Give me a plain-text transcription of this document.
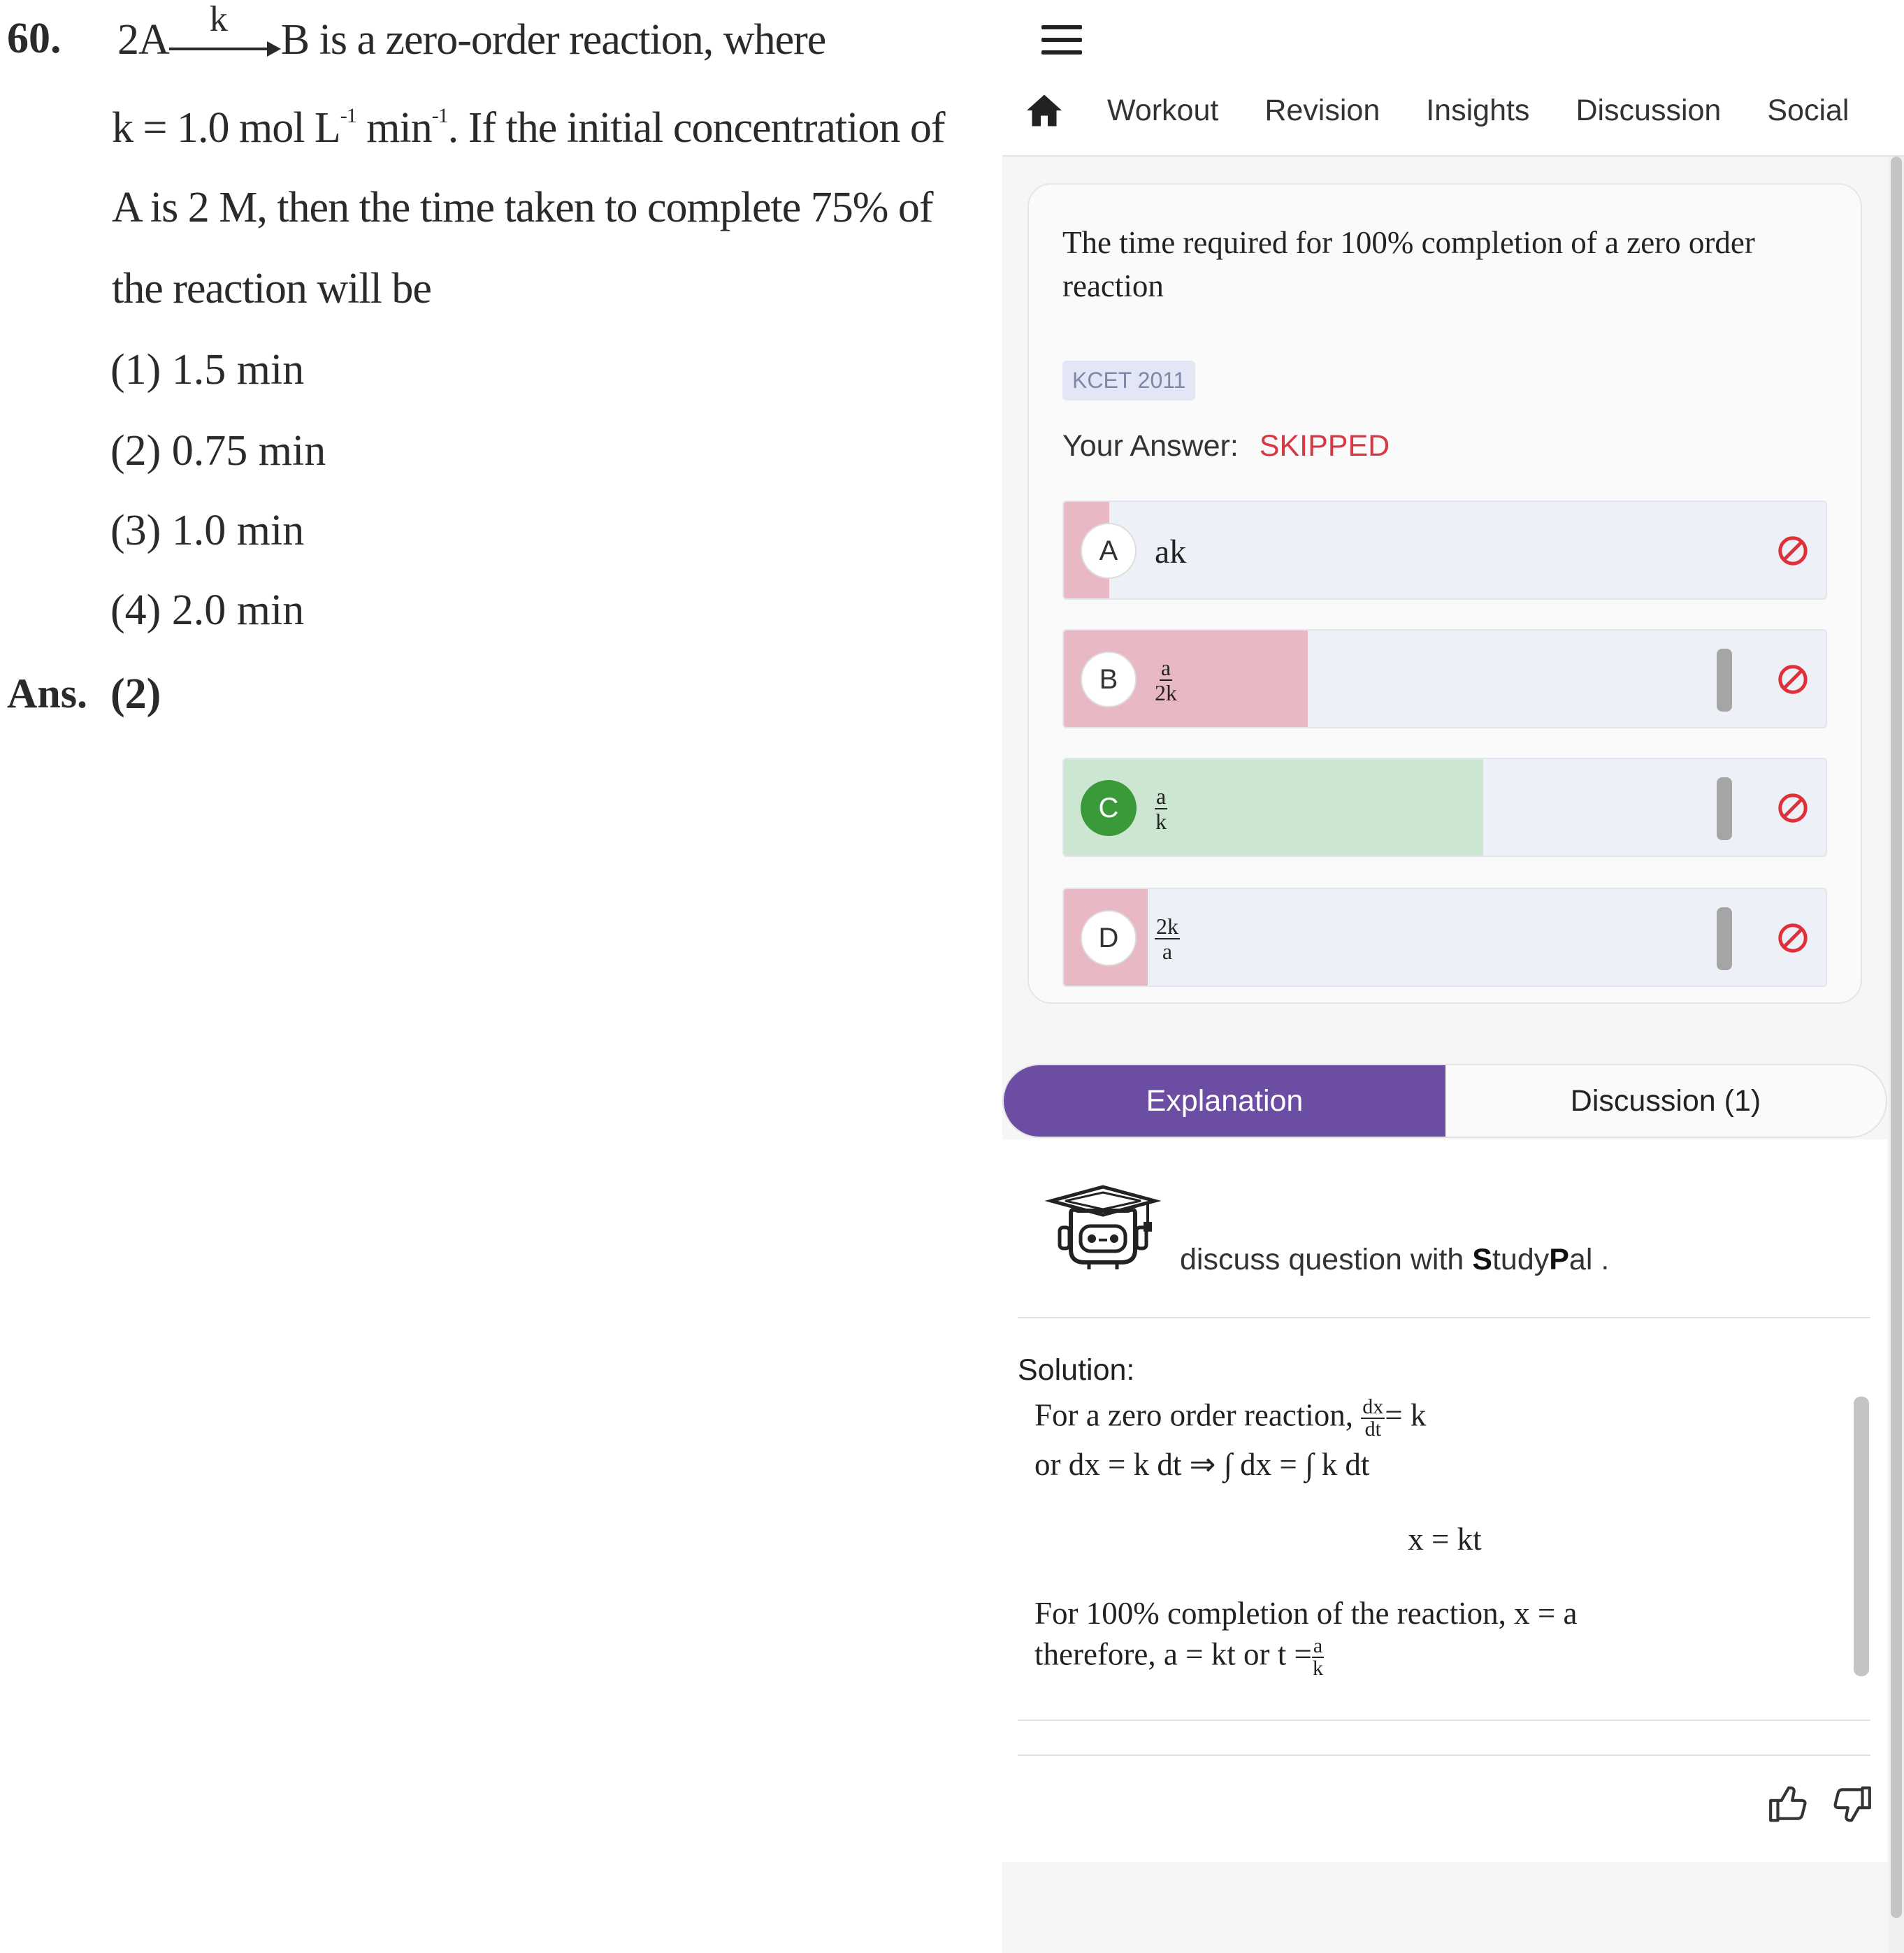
60. 2A k B is a zero-order reaction, where
k = 1.0 mol $L^{-1}$ $\min^{-1}$. If the initial concentration of
A is 2 M, then the time taken to complete 75% of
the reaction will be
(1) 1.5 min
(2) 0.75 min
(3) 1.0 min
(4) 2.0 min
Ans. (2)
Workout Revision Insights Discussion Social
The time required for 100% completion of a zero order reaction
KCET 2011
Your Answer: SKIPPED
A	ak
B	$\frac{a}{2k}$
C	$\frac{a}{k}$
D	$\frac{2k}{a}$
Explanation	Discussion (1)
discuss question with StudyPal .
Solution:
For a zero order reaction, $\frac{dx}{dt} = k$
or dx = k dt ⇒ ∫ dx = ∫ k dt
x = kt
For 100% completion of the reaction, x = a
therefore, a = kt or $t = \frac{a}{k}$
